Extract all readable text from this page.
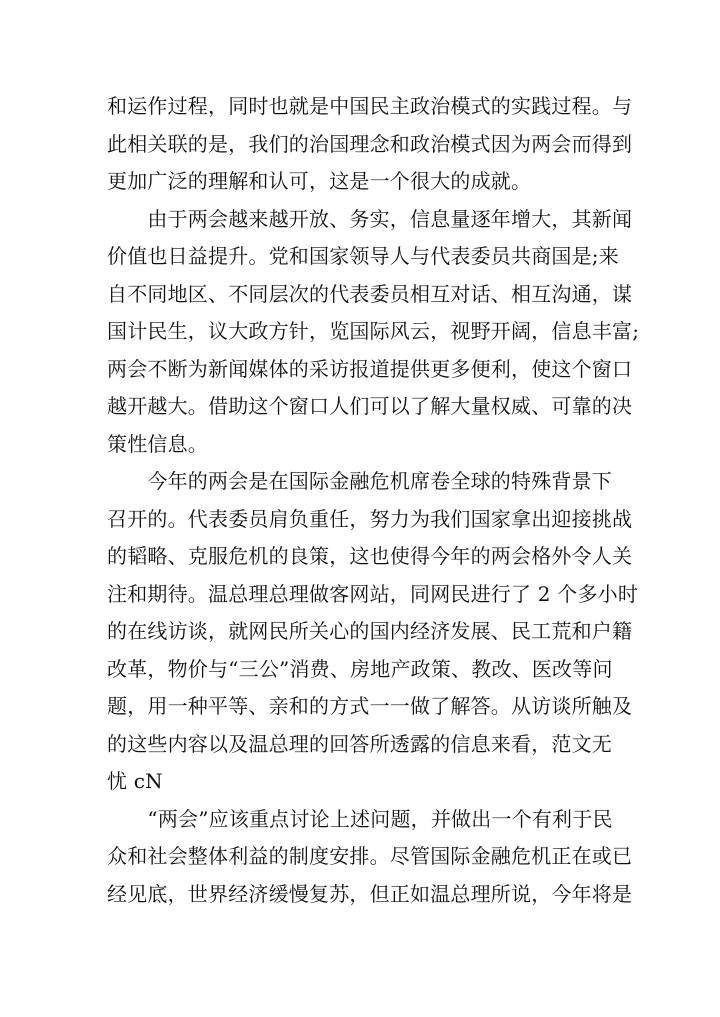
和运作过程，同时也就是中国民主政治模式的实践过程。与
此相关联的是，我们的治国理念和政治模式因为两会而得到
更加广泛的理解和认可，这是一个很大的成就。
　　由于两会越来越开放、务实，信息量逐年增大，其新闻
价值也日益提升。党和国家领导人与代表委员共商国是;来
自不同地区、不同层次的代表委员相互对话、相互沟通，谋
国计民生，议大政方针，览国际风云，视野开阔，信息丰富;
两会不断为新闻媒体的采访报道提供更多便利，使这个窗口
越开越大。借助这个窗口人们可以了解大量权威、可靠的决
策性信息。
　　今年的两会是在国际金融危机席卷全球的特殊背景下
召开的。代表委员肩负重任，努力为我们国家拿出迎接挑战
的韬略、克服危机的良策，这也使得今年的两会格外令人关
注和期待。温总理总理做客网站，同网民进行了 2 个多小时
的在线访谈，就网民所关心的国内经济发展、民工荒和户籍
改革，物价与“三公”消费、房地产政策、教改、医改等问
题，用一种平等、亲和的方式一一做了解答。从访谈所触及
的这些内容以及温总理的回答所透露的信息来看，范文无
忧 cN
　　“两会”应该重点讨论上述问题，并做出一个有利于民
众和社会整体利益的制度安排。尽管国际金融危机正在或已
经见底，世界经济缓慢复苏，但正如温总理所说，今年将是
